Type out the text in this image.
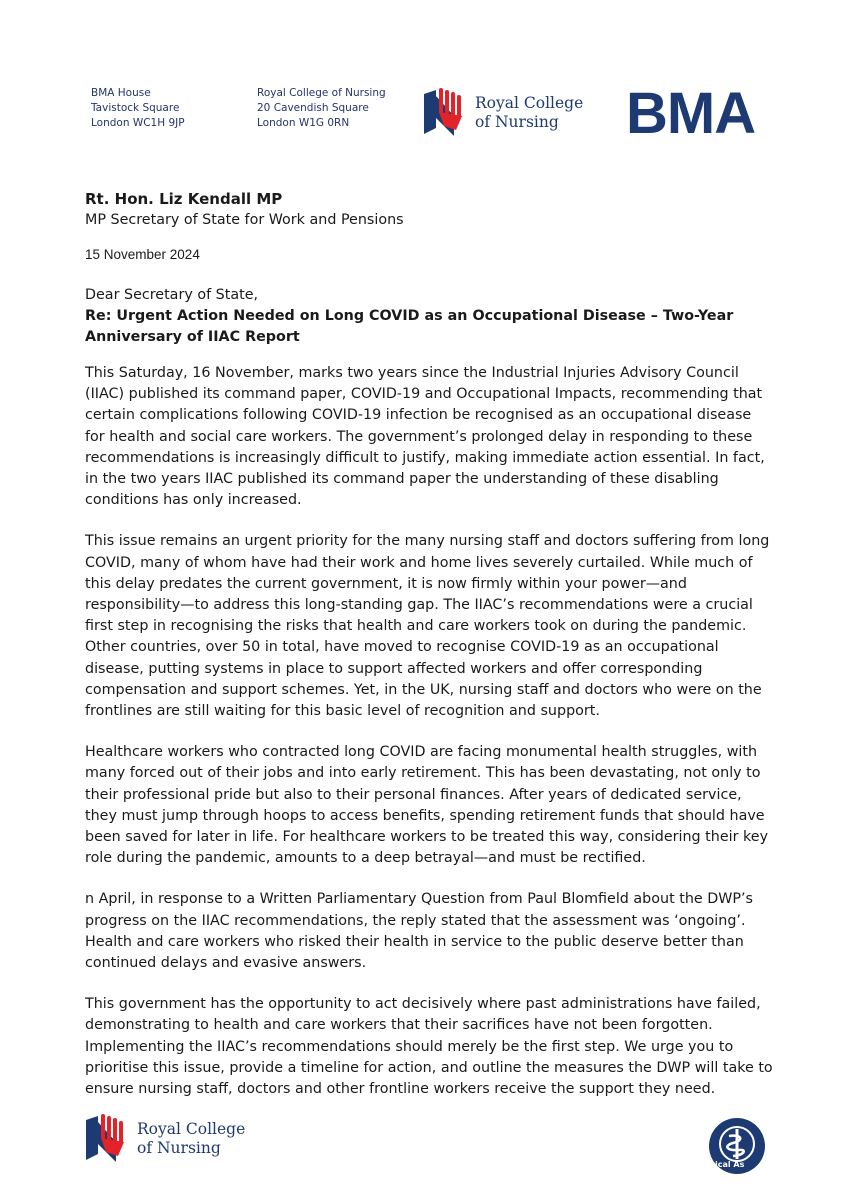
BMA House
Tavistock Square
London WC1H 9JP
Royal College of Nursing
20 Cavendish Square
London W1G 0RN
Royal College
of Nursing	BMA
Rt. Hon. Liz Kendall MP
MP Secretary of State for Work and Pensions
15 November 2024
Dear Secretary of State,
Re: Urgent Action Needed on Long COVID as an Occupational Disease – Two-Year Anniversary of IIAC Report

This Saturday, 16 November, marks two years since the Industrial Injuries Advisory Council (IIAC) published its command paper, COVID-19 and Occupational Impacts, recommending that certain complications following COVID-19 infection be recognised as an occupational disease for health and social care workers. The government’s prolonged delay in responding to these recommendations is increasingly difficult to justify, making immediate action essential. In fact, in the two years IIAC published its command paper the understanding of these disabling conditions has only increased.

This issue remains an urgent priority for the many nursing staff and doctors suffering from long COVID, many of whom have had their work and home lives severely curtailed. While much of this delay predates the current government, it is now firmly within your power—and responsibility—to address this long-standing gap. The IIAC’s recommendations were a crucial first step in recognising the risks that health and care workers took on during the pandemic. Other countries, over 50 in total, have moved to recognise COVID-19 as an occupational disease, putting systems in place to support affected workers and offer corresponding compensation and support schemes. Yet, in the UK, nursing staff and doctors who were on the frontlines are still waiting for this basic level of recognition and support.

Healthcare workers who contracted long COVID are facing monumental health struggles, with many forced out of their jobs and into early retirement. This has been devastating, not only to their professional pride but also to their personal finances. After years of dedicated service, they must jump through hoops to access benefits, spending retirement funds that should have been saved for later in life. For healthcare workers to be treated this way, considering their key role during the pandemic, amounts to a deep betrayal—and must be rectified.

n April, in response to a Written Parliamentary Question from Paul Blomfield about the DWP’s progress on the IIAC recommendations, the reply stated that the assessment was ‘ongoing’. Health and care workers who risked their health in service to the public deserve better than continued delays and evasive answers.

This government has the opportunity to act decisively where past administrations have failed, demonstrating to health and care workers that their sacrifices have not been forgotten. Implementing the IIAC’s recommendations should merely be the first step. We urge you to prioritise this issue, provide a timeline for action, and outline the measures the DWP will take to ensure nursing staff, doctors and other frontline workers receive the support they need.

Royal College
of Nursing
ical As
